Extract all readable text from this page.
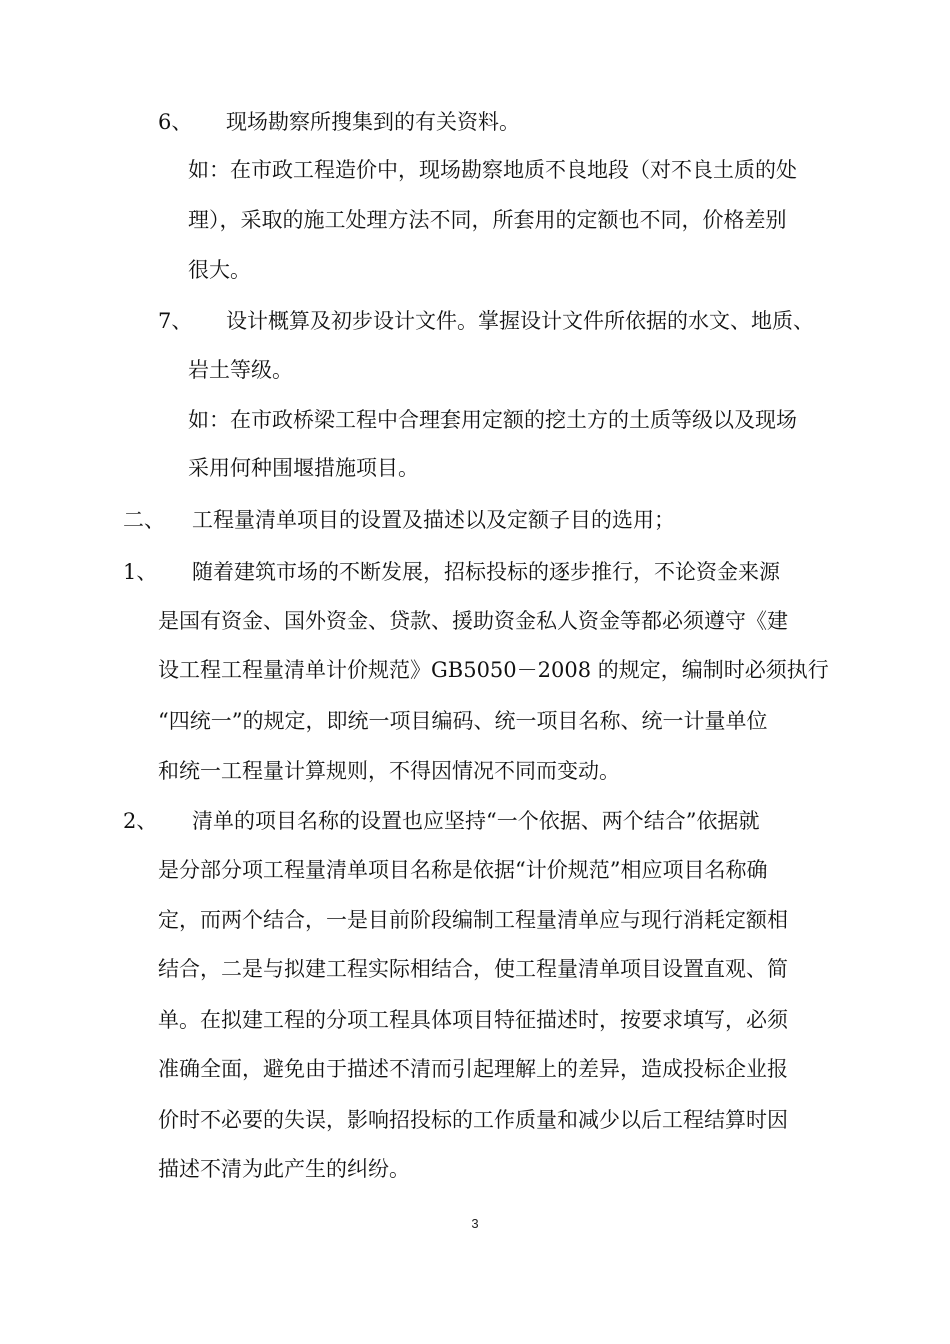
6、 现场勘察所搜集到的有关资料。
如：在市政工程造价中，现场勘察地质不良地段（对不良土质的处
理），采取的施工处理方法不同，所套用的定额也不同，价格差别
很大。
7、 设计概算及初步设计文件。掌握设计文件所依据的水文、地质、
岩土等级。
如：在市政桥梁工程中合理套用定额的挖土方的土质等级以及现场
采用何种围堰措施项目。
二、 工程量清单项目的设置及描述以及定额子目的选用；
1、 随着建筑市场的不断发展，招标投标的逐步推行，不论资金来源
是国有资金、国外资金、贷款、援助资金私人资金等都必须遵守《建
设工程工程量清单计价规范》GB5050－2008 的规定，编制时必须执行
“四统一”的规定，即统一项目编码、统一项目名称、统一计量单位
和统一工程量计算规则，不得因情况不同而变动。
2、 清单的项目名称的设置也应坚持“一个依据、两个结合”依据就
是分部分项工程量清单项目名称是依据“计价规范”相应项目名称确
定，而两个结合，一是目前阶段编制工程量清单应与现行消耗定额相
结合，二是与拟建工程实际相结合，使工程量清单项目设置直观、简
单。在拟建工程的分项工程具体项目特征描述时，按要求填写，必须
准确全面，避免由于描述不清而引起理解上的差异，造成投标企业报
价时不必要的失误，影响招投标的工作质量和减少以后工程结算时因
描述不清为此产生的纠纷。
3
